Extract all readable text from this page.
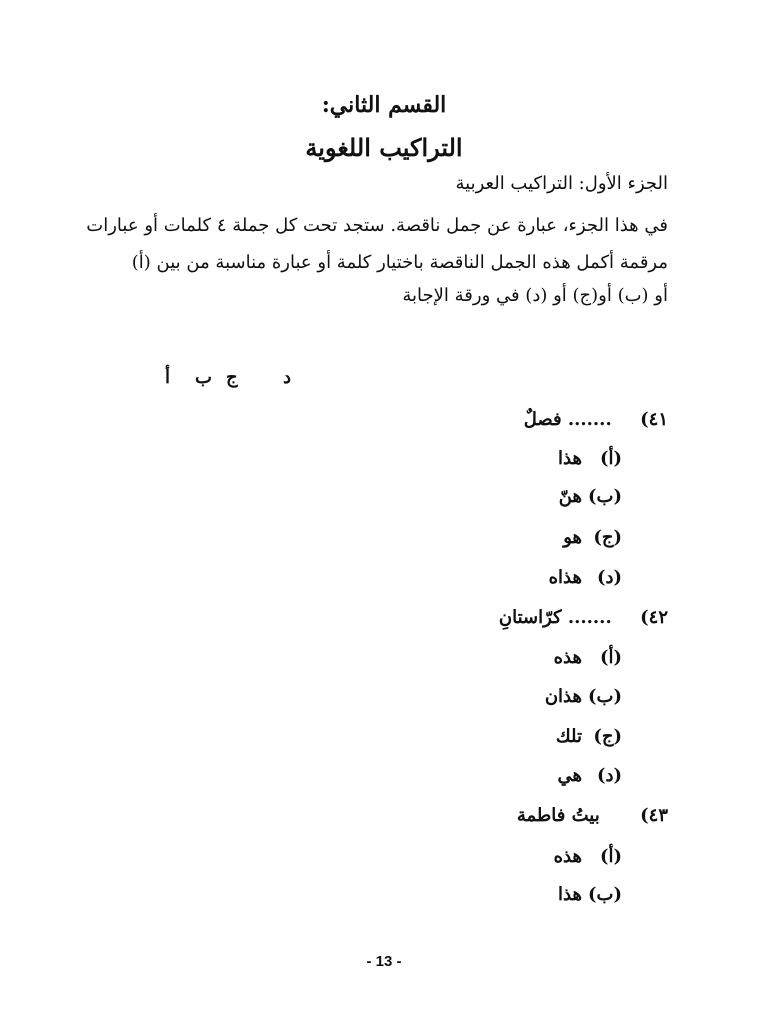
القسم الثاني:
التراكيب اللغوية
الجزء الأول: التراكيب العربية
في هذا الجزء، عبارة عن جمل ناقصة. ستجد تحت كل جملة ٤ كلمات أو عبارات
مرقمة أكمل هذه الجمل الناقصة باختيار كلمة أو عبارة مناسبة من بين (أ)
أو (ب) أو(ج) أو (د) في ورقة الإجابة
د
ج
ب
أ
٤١) ....... فصلٌ
(أ)هذا
(ب)هنّ
(ج)هو
(د)هذاه
٤٢) ....... كرّاستانِ
(أ)هذه
(ب)هذان
(ج)تلك
(د)هي
٤٣) بيتُ فاطمة
(أ)هذه
(ب)هذا
- 13 -
